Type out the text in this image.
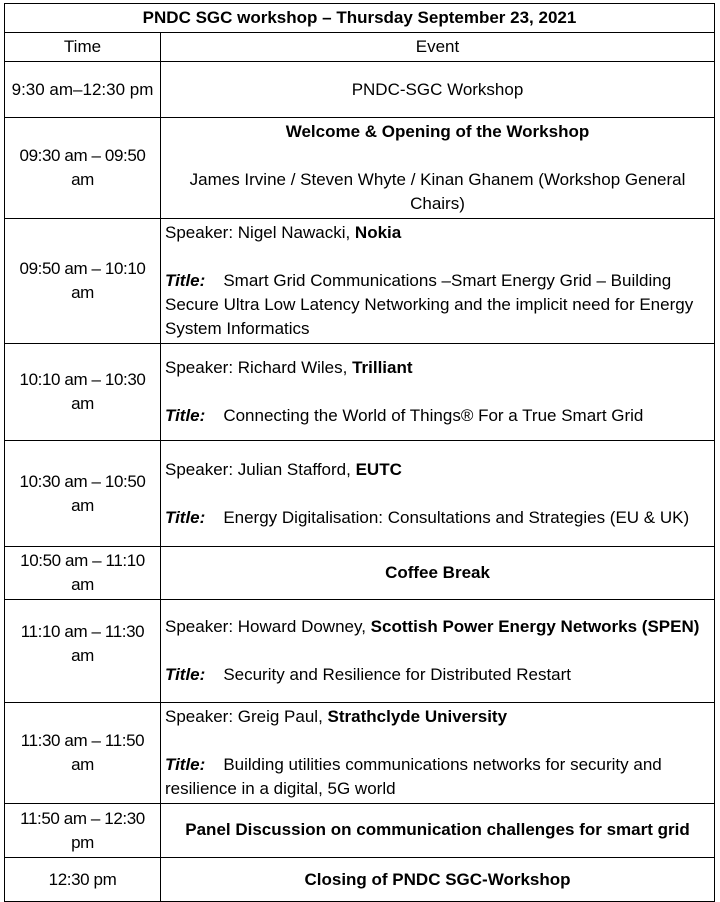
PNDC SGC workshop – Thursday September 23, 2021	
Time	Event
9:30 am–12:30 pm	PNDC-SGC Workshop
09:30 am – 09:50 am	Welcome & Opening of the Workshop
James Irvine / Steven Whyte / Kinan Ghanem (Workshop General Chairs)

09:50 am – 10:10 am	Speaker: Nigel Nawacki, Nokia
Title: Smart Grid Communications –Smart Energy Grid – Building Secure Ultra Low Latency Networking and the implicit need for Energy System Informatics

10:10 am – 10:30 am	Speaker: Richard Wiles, Trilliant
Title: Connecting the World of Things® For a True Smart Grid

10:30 am – 10:50 am	Speaker: Julian Stafford, EUTC
Title: Energy Digitalisation: Consultations and Strategies (EU & UK)

10:50 am – 11:10 am	Coffee Break
11:10 am – 11:30 am	Speaker: Howard Downey, Scottish Power Energy Networks (SPEN)
Title: Security and Resilience for Distributed Restart

11:30 am – 11:50 am	Speaker: Greig Paul, Strathclyde University
Title: Building utilities communications networks for security and resilience in a digital, 5G world

11:50 am – 12:30 pm	Panel Discussion on communication challenges for smart grid
12:30 pm	Closing of PNDC SGC-Workshop
